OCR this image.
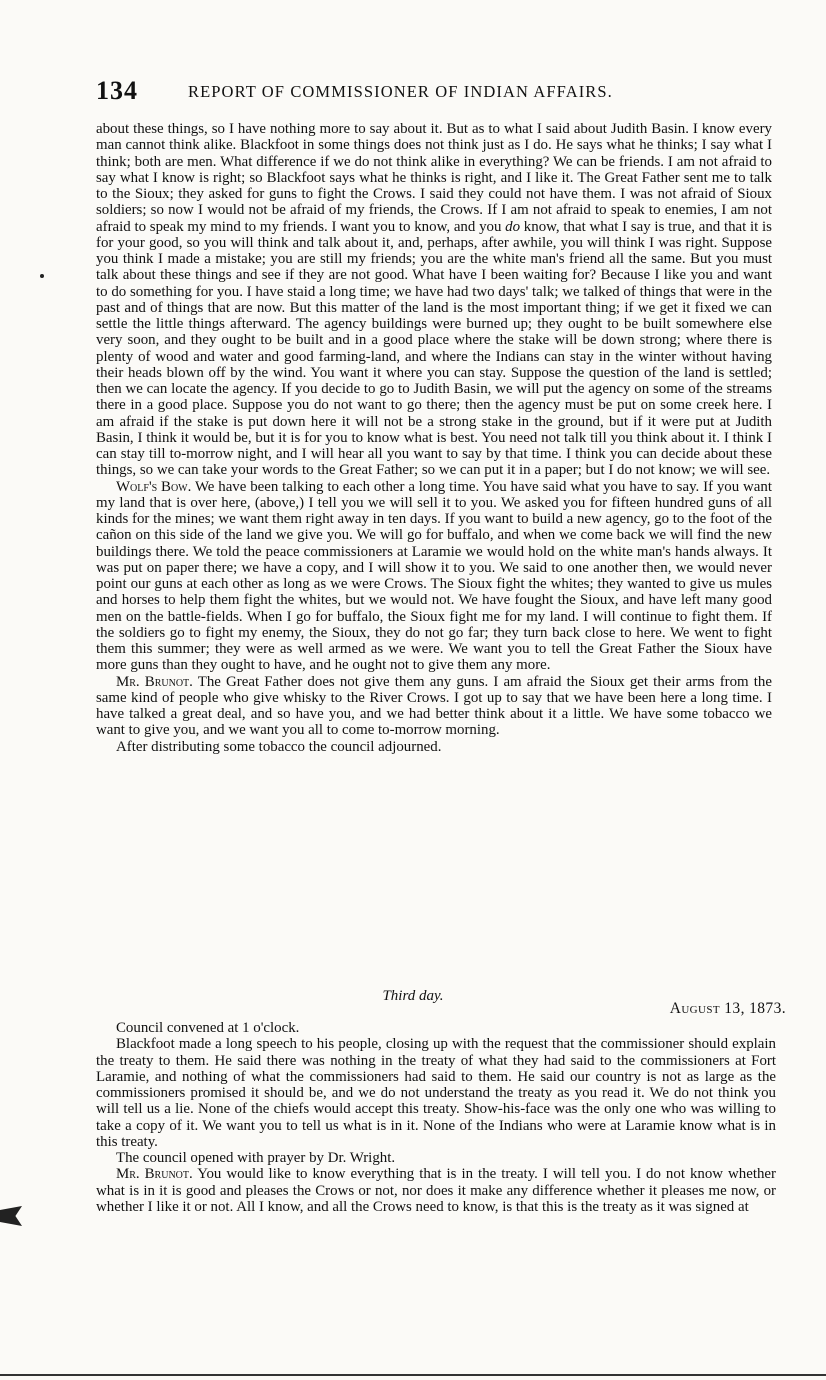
134	REPORT OF COMMISSIONER OF INDIAN AFFAIRS.

about these things, so I have nothing more to say about it. But as to what I said about Judith Basin. I know every man cannot think alike. Blackfoot in some things does not think just as I do. He says what he thinks; I say what I think; both are men. What difference if we do not think alike in everything? We can be friends. I am not afraid to say what I know is right; so Blackfoot says what he thinks is right, and I like it. The Great Father sent me to talk to the Sioux; they asked for guns to fight the Crows. I said they could not have them. I was not afraid of Sioux soldiers; so now I would not be afraid of my friends, the Crows. If I am not afraid to speak to enemies, I am not afraid to speak my mind to my friends. I want you to know, and you do know, that what I say is true, and that it is for your good, so you will think and talk about it, and, perhaps, after awhile, you will think I was right. Suppose you think I made a mistake; you are still my friends; you are the white man's friend all the same. But you must talk about these things and see if they are not good. What have I been waiting for? Because I like you and want to do something for you. I have staid a long time; we have had two days' talk; we talked of things that were in the past and of things that are now. But this matter of the land is the most important thing; if we get it fixed we can settle the little things afterward. The agency buildings were burned up; they ought to be built somewhere else very soon, and they ought to be built and in a good place where the stake will be down strong; where there is plenty of wood and water and good farming-land, and where the Indians can stay in the winter without having their heads blown off by the wind. You want it where you can stay. Suppose the question of the land is settled; then we can locate the agency. If you decide to go to Judith Basin, we will put the agency on some of the streams there in a good place. Suppose you do not want to go there; then the agency must be put on some creek here. I am afraid if the stake is put down here it will not be a strong stake in the ground, but if it were put at Judith Basin, I think it would be, but it is for you to know what is best. You need not talk till you think about it. I think I can stay till to-morrow night, and I will hear all you want to say by that time. I think you can decide about these things, so we can take your words to the Great Father; so we can put it in a paper; but I do not know; we will see.

Wolf's Bow. We have been talking to each other a long time. You have said what you have to say. If you want my land that is over here, (above,) I tell you we will sell it to you. We asked you for fifteen hundred guns of all kinds for the mines; we want them right away in ten days. If you want to build a new agency, go to the foot of the cañon on this side of the land we give you. We will go for buffalo, and when we come back we will find the new buildings there. We told the peace commissioners at Laramie we would hold on the white man's hands always. It was put on paper there; we have a copy, and I will show it to you. We said to one another then, we would never point our guns at each other as long as we were Crows. The Sioux fight the whites; they wanted to give us mules and horses to help them fight the whites, but we would not. We have fought the Sioux, and have left many good men on the battle-fields. When I go for buffalo, the Sioux fight me for my land. I will continue to fight them. If the soldiers go to fight my enemy, the Sioux, they do not go far; they turn back close to here. We went to fight them this summer; they were as well armed as we were. We want you to tell the Great Father the Sioux have more guns than they ought to have, and he ought not to give them any more.

Mr. Brunot. The Great Father does not give them any guns. I am afraid the Sioux get their arms from the same kind of people who give whisky to the River Crows. I got up to say that we have been here a long time. I have talked a great deal, and so have you, and we had better think about it a little. We have some tobacco we want to give you, and we want you all to come to-morrow morning.

After distributing some tobacco the council adjourned.

Third day.
August 13, 1873.

Council convened at 1 o'clock.

Blackfoot made a long speech to his people, closing up with the request that the commissioner should explain the treaty to them. He said there was nothing in the treaty of what they had said to the commissioners at Fort Laramie, and nothing of what the commissioners had said to them. He said our country is not as large as the commissioners promised it should be, and we do not understand the treaty as you read it. We do not think you will tell us a lie. None of the chiefs would accept this treaty. Show-his-face was the only one who was willing to take a copy of it. We want you to tell us what is in it. None of the Indians who were at Laramie know what is in this treaty.

The council opened with prayer by Dr. Wright.

Mr. Brunot. You would like to know everything that is in the treaty. I will tell you. I do not know whether what is in it is good and pleases the Crows or not, nor does it make any difference whether it pleases me now, or whether I like it or not. All I know, and all the Crows need to know, is that this is the treaty as it was signed at
